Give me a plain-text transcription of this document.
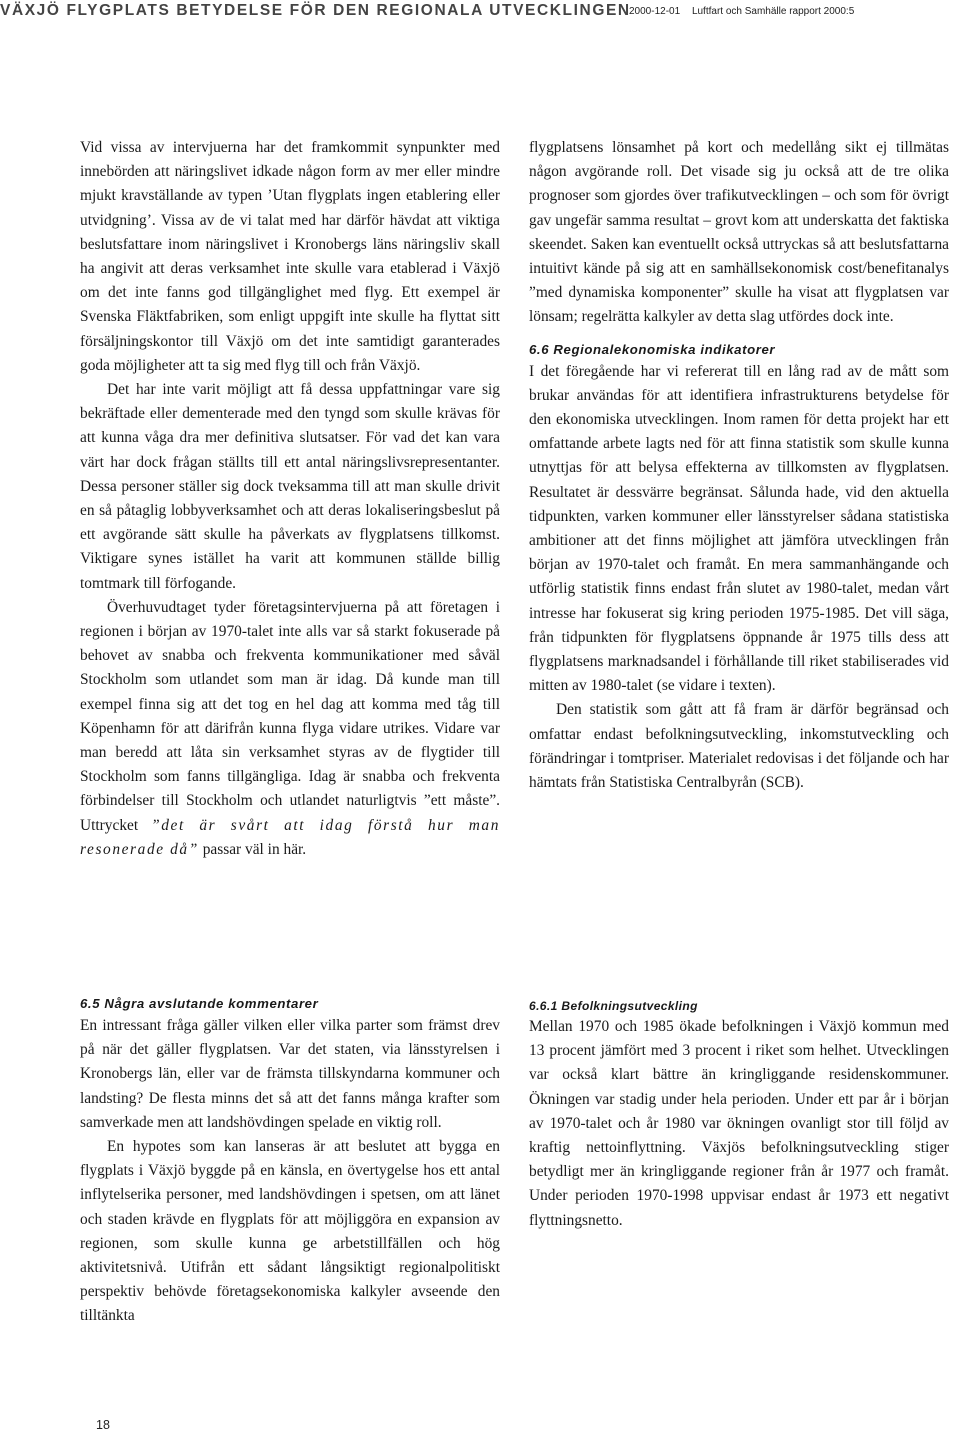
VÄXJÖ FLYGPLATS BETYDELSE FÖR DEN REGIONALA UTVECKLINGEN
2000-12-01 Luftfart och Samhälle rapport 2000:5

Vid vissa av intervjuerna har det framkommit synpunkter med innebörden att näringslivet idkade någon form av mer eller mindre mjukt kravställande av typen ’Utan flygplats ingen etablering eller utvidgning’. Vissa av de vi talat med har därför hävdat att viktiga beslutsfattare inom näringslivet i Kronobergs läns näringsliv skall ha angivit att deras verksamhet inte skulle vara etablerad i Växjö om det inte fanns god tillgänglighet med flyg. Ett exempel är Svenska Fläktfabriken, som enligt uppgift inte skulle ha flyttat sitt försäljningskontor till Växjö om det inte samtidigt garanterades goda möjligheter att ta sig med flyg till och från Växjö.

Det har inte varit möjligt att få dessa uppfattningar vare sig bekräftade eller dementerade med den tyngd som skulle krävas för att kunna våga dra mer definitiva slutsatser. För vad det kan vara värt har dock frågan ställts till ett antal näringslivsrepresentanter. Dessa personer ställer sig dock tveksamma till att man skulle drivit en så påtaglig lobbyverksamhet och att deras lokaliseringsbeslut på ett avgörande sätt skulle ha påverkats av flygplatsens tillkomst. Viktigare synes istället ha varit att kommunen ställde billig tomtmark till förfogande.

Överhuvudtaget tyder företagsintervjuerna på att företagen i regionen i början av 1970-talet inte alls var så starkt fokuserade på behovet av snabba och frekventa kommunikationer med såväl Stockholm som utlandet som man är idag. Då kunde man till exempel finna sig att det tog en hel dag att komma med tåg till Köpenhamn för att därifrån kunna flyga vidare utrikes. Vidare var man beredd att låta sin verksamhet styras av de flygtider till Stockholm som fanns tillgängliga. Idag är snabba och frekventa förbindelser till Stockholm och utlandet naturligtvis ”ett måste”. Uttrycket ”det är svårt att idag förstå hur man resonerade då” passar väl in här.

flygplatsens lönsamhet på kort och medellång sikt ej tillmätas någon avgörande roll. Det visade sig ju också att de tre olika prognoser som gjordes över trafikutvecklingen – och som för övrigt gav ungefär samma resultat – grovt kom att underskatta det faktiska skeendet. Saken kan eventuellt också uttryckas så att beslutsfattarna intuitivt kände på sig att en samhällsekonomisk cost/benefitanalys ”med dynamiska komponenter” skulle ha visat att flygplatsen var lönsam; regelrätta kalkyler av detta slag utfördes dock inte.

6.6 Regionalekonomiska indikatorer

I det föregående har vi refererat till en lång rad av de mått som brukar användas för att identifiera infrastrukturens betydelse för den ekonomiska utvecklingen. Inom ramen för detta projekt har ett omfattande arbete lagts ned för att finna statistik som skulle kunna utnyttjas för att belysa effekterna av tillkomsten av flygplatsen. Resultatet är dessvärre begränsat. Sålunda hade, vid den aktuella tidpunkten, varken kommuner eller länsstyrelser sådana statistiska ambitioner att det finns möjlighet att jämföra utvecklingen från början av 1970-talet och framåt. En mera sammanhängande och utförlig statistik finns endast från slutet av 1980-talet, medan vårt intresse har fokuserat sig kring perioden 1975-1985. Det vill säga, från tidpunkten för flygplatsens öppnande år 1975 tills dess att flygplatsens marknadsandel i förhållande till riket stabiliserades vid mitten av 1980-talet (se vidare i texten).

Den statistik som gått att få fram är därför begränsad och omfattar endast befolkningsutveckling, inkomstutveckling och förändringar i tomtpriser. Materialet redovisas i det följande och har hämtats från Statistiska Centralbyrån (SCB).

6.5 Några avslutande kommentarer

En intressant fråga gäller vilken eller vilka parter som främst drev på när det gäller flygplatsen. Var det staten, via länsstyrelsen i Kronobergs län, eller var de främsta tillskyndarna kommuner och landsting? De flesta minns det så att det fanns många krafter som samverkade men att landshövdingen spelade en viktig roll.

En hypotes som kan lanseras är att beslutet att bygga en flygplats i Växjö byggde på en känsla, en övertygelse hos ett antal inflytelserika personer, med landshövdingen i spetsen, om att länet och staden krävde en flygplats för att möjliggöra en expansion av regionen, som skulle kunna ge arbetstillfällen och hög aktivitetsnivå. Utifrån ett sådant långsiktigt regionalpolitiskt perspektiv behövde företagsekonomiska kalkyler avseende den tilltänkta

6.6.1 Befolkningsutveckling

Mellan 1970 och 1985 ökade befolkningen i Växjö kommun med 13 procent jämfört med 3 procent i riket som helhet. Utvecklingen var också klart bättre än kringliggande residenskommuner. Ökningen var stadig under hela perioden. Under ett par år i början av 1970-talet och år 1980 var ökningen ovanligt stor till följd av kraftig nettoinflyttning. Växjös befolkningsutveckling stiger betydligt mer än kringliggande regioner från år 1977 och framåt. Under perioden 1970-1998 uppvisar endast år 1973 ett negativt flyttningsnetto.

18
